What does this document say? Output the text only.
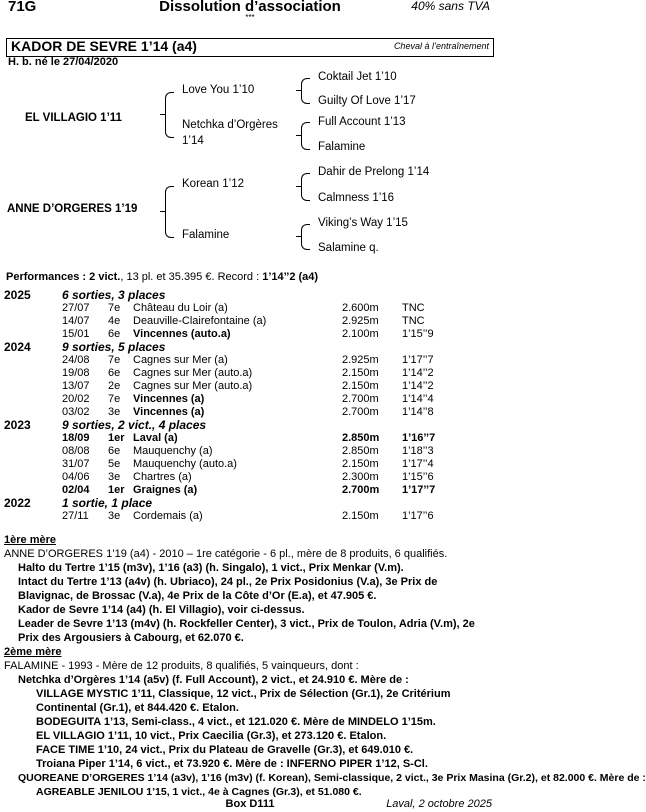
71G	Dissolution d’association
***
40% sans TVA
KADOR DE SEVRE 1’14 (a4)	Cheval à l’entraînement
H. b. né le 27/04/2020
EL VILLAGIO 1’11
ANNE D’ORGERES 1’19
Love You 1’10
Netchka d’Orgères
1’14
Korean 1’12
Falamine
Coktail Jet 1’10
Guilty Of Love 1’17
Full Account 1’13
Falamine
Dahir de Prelong 1’14
Calmness 1’16
Viking’s Way 1’15
Salamine q.
Performances : 2 vict., 13 pl. et 35.395 €. Record : 1’14’’2 (a4)
2025	6 sorties, 3 places
27/07 7e Château du Loir (a)	2.600m TNC
14/07 4e Deauville-Clairefontaine (a)	2.925m TNC
15/01 6e Vincennes (auto.a)	2.100m 1’15’’9
2024	9 sorties, 5 places
24/08 7e Cagnes sur Mer (a)	2.925m 1’17’’7
19/08 6e Cagnes sur Mer (auto.a)	2.150m 1’14’’2
13/07 2e Cagnes sur Mer (auto.a)	2.150m 1’14’’2
20/02 7e Vincennes (a)	2.700m 1’14’’4
03/02 3e Vincennes (a)	2.700m 1’14’’8
2023	9 sorties, 2 vict., 4 places
18/09 1er Laval (a)	2.850m 1’16’’7
08/08 6e Mauquenchy (a)	2.850m 1’18’’3
31/07 5e Mauquenchy (auto.a)	2.150m 1’17’’4
04/06 3e Chartres (a)	2.300m 1’15’’6
02/04 1er Graignes (a)	2.700m 1’17’’7
2022	1 sortie, 1 place
27/11 3e Cordemais (a)	2.150m 1’17’’6
1ère mère
ANNE D’ORGERES 1’19 (a4) - 2010 – 1re catégorie - 6 pl., mère de 8 produits, 6 qualifiés.
Halto du Tertre 1’15 (m3v), 1’16 (a3) (h. Singalo), 1 vict., Prix Menkar (V.m).
Intact du Tertre 1’13 (a4v) (h. Ubriaco), 24 pl., 2e Prix Posidonius (V.a), 3e Prix de Blavignac, de Brossac (V.a), 4e Prix de la Côte d’Or (E.a), et 47.905 €.
Kador de Sevre 1’14 (a4) (h. El Villagio), voir ci-dessus.
Leader de Sevre 1’13 (m4v) (h. Rockfeller Center), 3 vict., Prix de Toulon, Adria (V.m), 2e Prix des Argousiers à Cabourg, et 62.070 €.
2ème mère
FALAMINE - 1993 - Mère de 12 produits, 8 qualifiés, 5 vainqueurs, dont :
Netchka d’Orgères 1’14 (a5v) (f. Full Account), 2 vict., et 24.910 €. Mère de :
VILLAGE MYSTIC 1’11, Classique, 12 vict., Prix de Sélection (Gr.1), 2e Critérium Continental (Gr.1), et 844.420 €. Etalon.
BODEGUITA 1’13, Semi-class., 4 vict., et 121.020 €. Mère de MINDELO 1’15m.
EL VILLAGIO 1’11, 10 vict., Prix Caecilia (Gr.3), et 273.120 €. Etalon.
FACE TIME 1’10, 24 vict., Prix du Plateau de Gravelle (Gr.3), et 649.010 €.
Troiana Piper 1’14, 6 vict., et 73.920 €. Mère de : INFERNO PIPER 1’12, S-Cl.
QUOREANE D’ORGERES 1’14 (a3v), 1’16 (m3v) (f. Korean), Semi-classique, 2 vict., 3e Prix Masina (Gr.2), et 82.000 €. Mère de :
AGREABLE JENILOU 1’15, 1 vict., 4e à Cagnes (Gr.3), et 51.080 €.
Box D111	Laval, 2 octobre 2025
